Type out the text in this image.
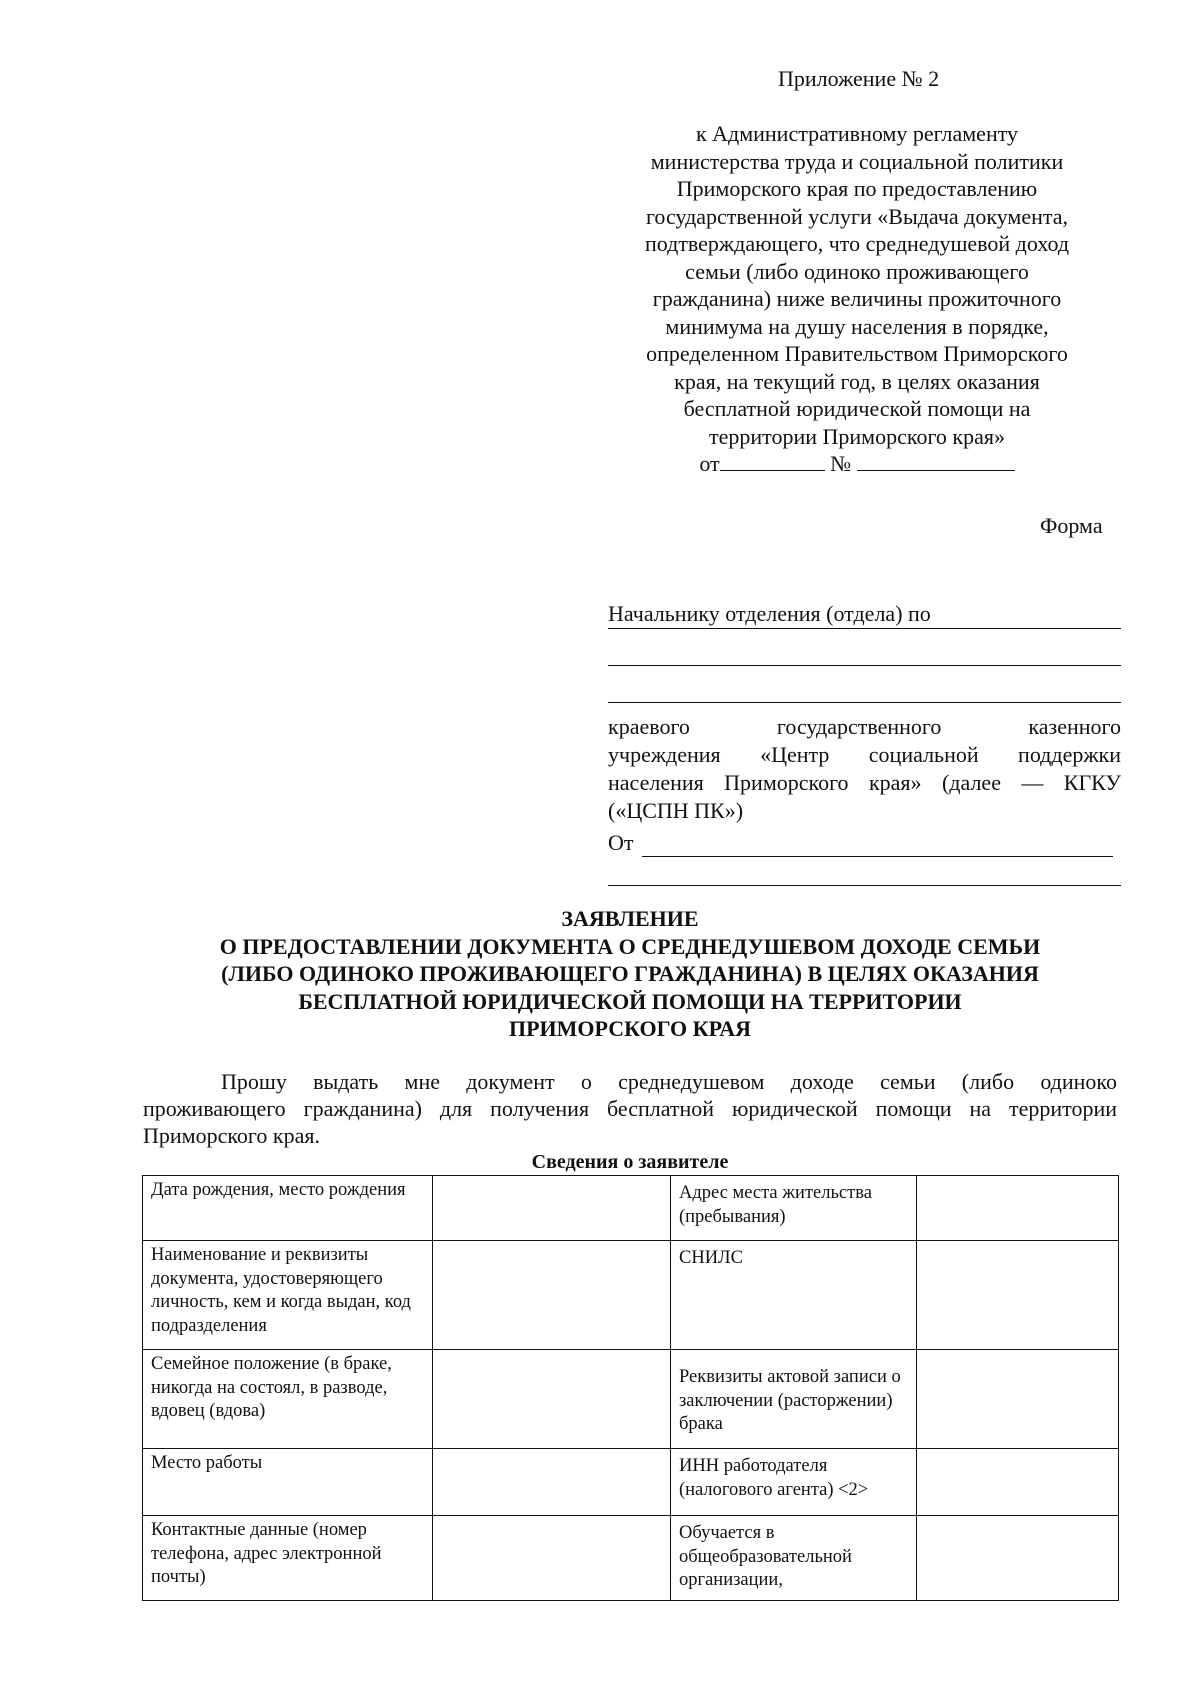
Приложение № 2
к Административному регламенту
министерства труда и социальной политики
Приморского края по предоставлению
государственной услуги «Выдача документа,
подтверждающего, что среднедушевой доход
семьи (либо одиноко проживающего
гражданина) ниже величины прожиточного
минимума на душу населения в порядке,
определенном Правительством Приморского
края, на текущий год, в целях оказания
бесплатной юридической помощи на
территории Приморского края»
от	№
Форма
Начальнику отделения (отдела) по
краевого государственного казенного
учреждения «Центр социальной поддержки
населения Приморского края» (далее — КГКУ
(«ЦСПН ПК»)
От
ЗАЯВЛЕНИЕ
О ПРЕДОСТАВЛЕНИИ ДОКУМЕНТА О СРЕДНЕДУШЕВОМ ДОХОДЕ СЕМЬИ
(ЛИБО ОДИНОКО ПРОЖИВАЮЩЕГО ГРАЖДАНИНА) В ЦЕЛЯХ ОКАЗАНИЯ
БЕСПЛАТНОЙ ЮРИДИЧЕСКОЙ ПОМОЩИ НА ТЕРРИТОРИИ
ПРИМОРСКОГО КРАЯ
Прошу выдать мне документ о среднедушевом доходе семьи (либо одиноко
проживающего гражданина) для получения бесплатной юридической помощи на территории
Приморского края.
Сведения о заявителе
Дата рождения, место рождения		Адрес места жительства (пребывания)	
Наименование и реквизиты документа, удостоверяющего личность, кем и когда выдан, код подразделения		СНИЛС	
Семейное положение (в браке, никогда на состоял, в разводе, вдовец (вдова)		Реквизиты актовой записи о заключении (расторжении) брака	
Место работы		ИНН работодателя (налогового агента) <2>	
Контактные данные (номер телефона, адрес электронной почты)		Обучается в общеобразовательной организации,	
